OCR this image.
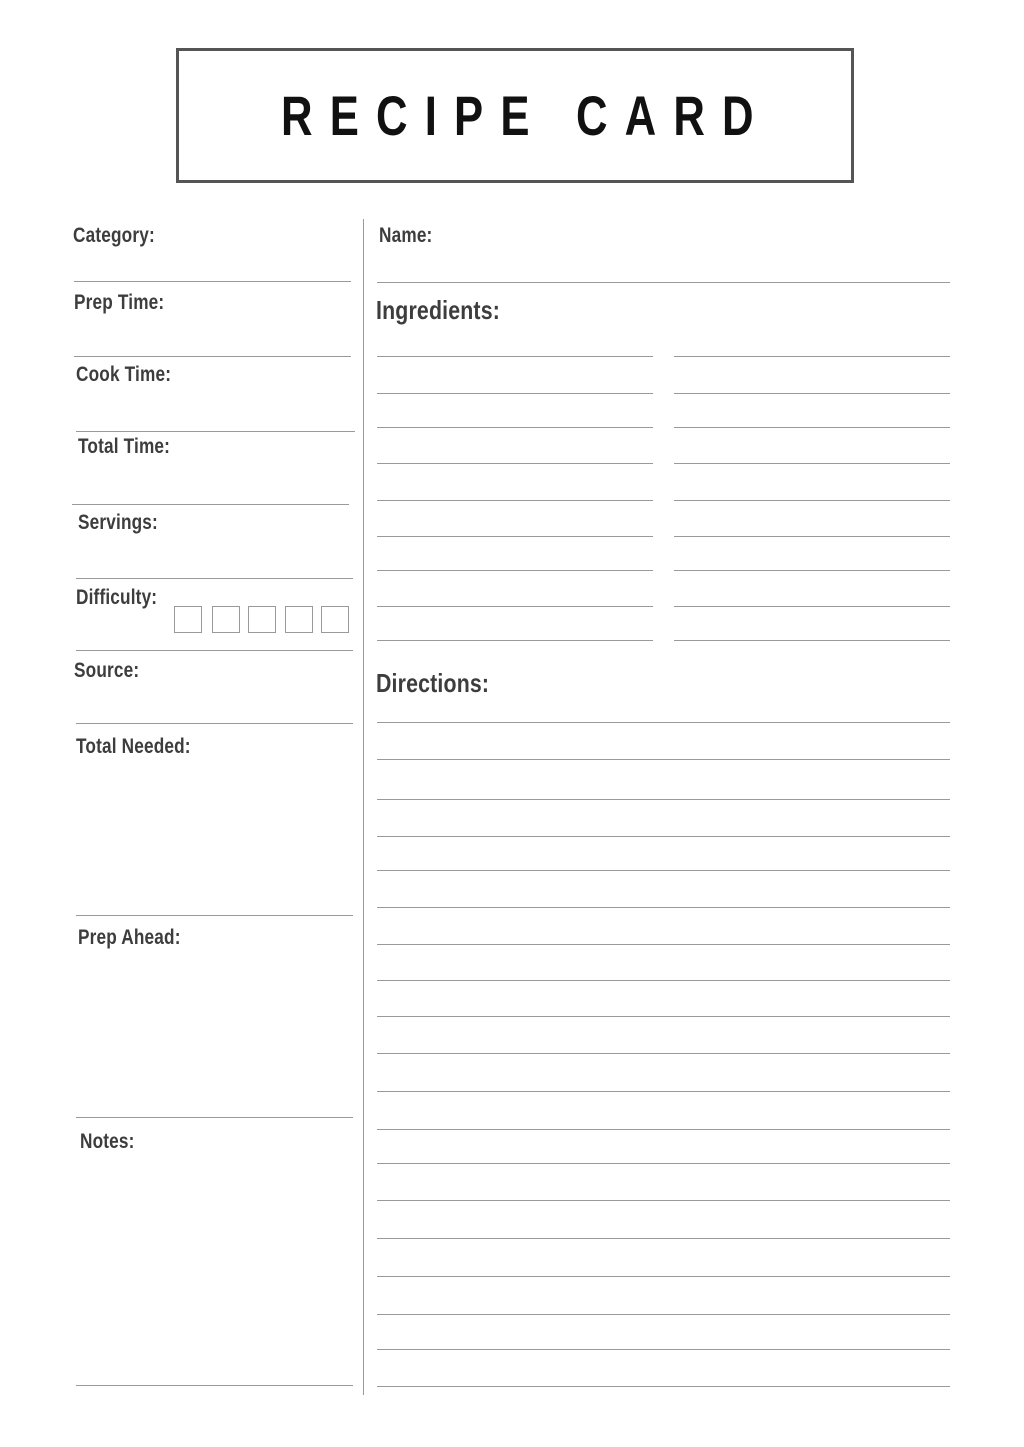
RECIPE CARD
Category:
Prep Time:
Cook Time:
Total Time:
Servings:
Difficulty:
Source:
Total Needed:
Prep Ahead:
Notes:
Name:
Ingredients:
Directions:
